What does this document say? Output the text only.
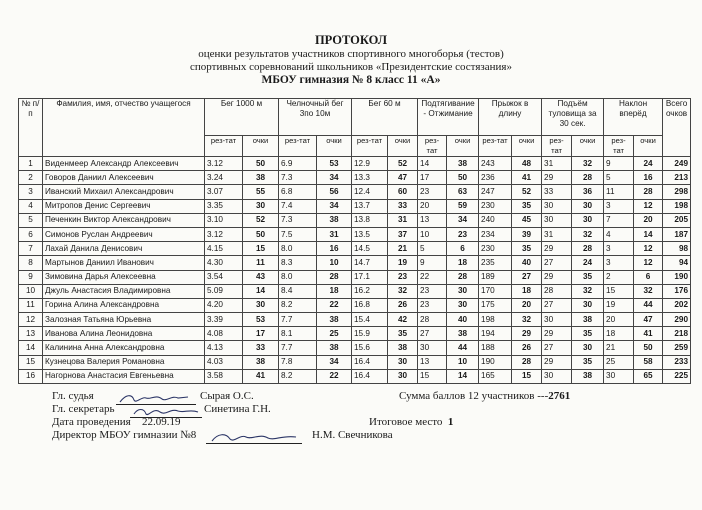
ПРОТОКОЛ
оценки результатов участников спортивного многоборья (тестов)
спортивных соревнований школьников «Президентские состязания»
МБОУ гимназия № 8 класс 11 «А»
№ п/п	Фамилия, имя, отчество учащегося	Бег 1000 м		Челночный бег 3по 10м		Бег 60 м		Подтягивание - Отжимание		Прыжок в длину		Подъём туловища за 30 сек.		Наклон вперёд		Всего очков
		рез-тат	очки	рез-тат	очки	рез-тат	очки	рез-тат	очки	рез-тат	очки	рез-тат	очки	рез-тат	очки	
1	Виденмеер Александр Алексеевич	3.12	50	6.9	53	12.9	52	14	38	243	48	31	32	9	24	249
2	Говоров Даниил Алексеевич	3.24	38	7.3	34	13.3	47	17	50	236	41	29	28	5	16	213
3	Иванский Михаил Александрович	3.07	55	6.8	56	12.4	60	23	63	247	52	33	36	11	28	298
4	Митропов Денис Сергеевич	3.35	30	7.4	34	13.7	33	20	59	230	35	30	30	3	12	198
5	Печенкин Виктор Александрович	3.10	52	7.3	38	13.8	31	13	34	240	45	30	30	7	20	205
6	Симонов Руслан Андреевич	3.12	50	7.5	31	13.5	37	10	23	234	39	31	32	4	14	187
7	Лахай Данила Денисович	4.15	15	8.0	16	14.5	21	5	6	230	35	29	28	3	12	98
8	Мартынов Даниил Иванович	4.30	11	8.3	10	14.7	19	9	18	235	40	27	24	3	12	94
9	Зимовина Дарья Алексеевна	3.54	43	8.0	28	17.1	23	22	28	189	27	29	35	2	6	190
10	Джуль Анастасия Владимировна	5.09	14	8.4	18	16.2	32	23	30	170	18	28	32	15	32	176
11	Горина Алина Александровна	4.20	30	8.2	22	16.8	26	23	30	175	20	27	30	19	44	202
12	Залозная Татьяна Юрьевна	3.39	53	7.7	38	15.4	42	28	40	198	32	30	38	20	47	290
13	Иванова Алина Леонидовна	4.08	17	8.1	25	15.9	35	27	38	194	29	29	35	18	41	218
14	Калинина Анна Александровна	4.13	33	7.7	38	15.6	38	30	44	188	26	27	30	21	50	259
15	Кузнецова Валерия Романовна	4.03	38	7.8	34	16.4	30	13	10	190	28	29	35	25	58	233
16	Нагорнова Анастасия Евгеньевна	3.58	41	8.2	22	16.4	30	15	14	165	15	30	38	30	65	225
Гл. судья	Сырая О.С.
Гл. секретарь	Синетина Г.Н.
Дата проведения 22.09.19
Директор МБОУ гимназии №8	Н.М. Свечникова
Сумма баллов 12 участников ---2761
Итоговое место 1
